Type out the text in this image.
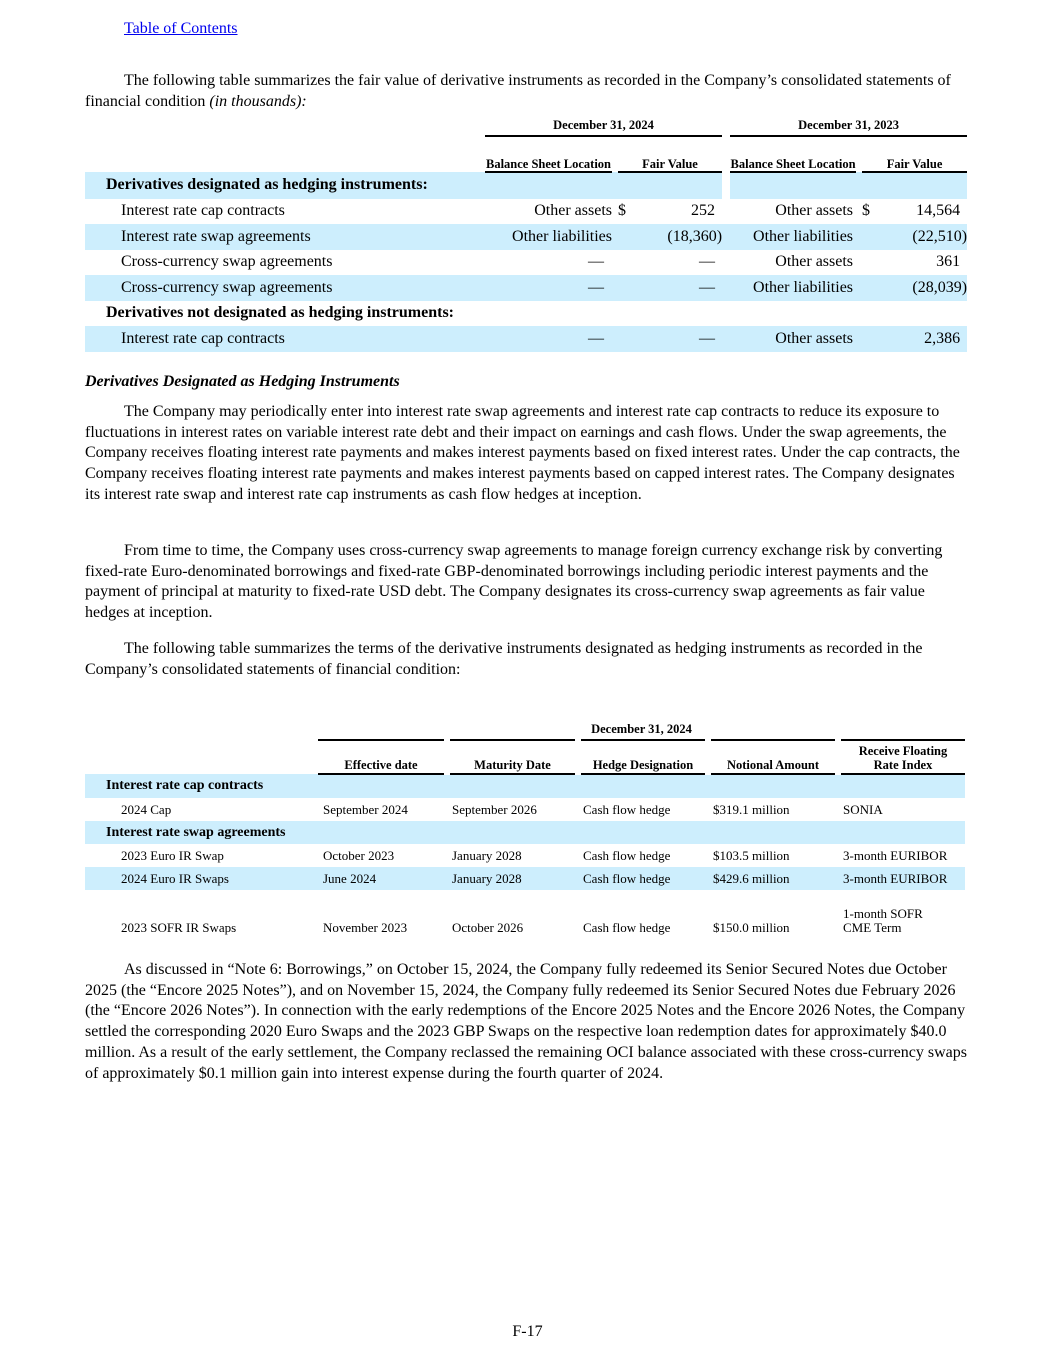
Table of Contents

The following table summarizes the fair value of derivative instruments as recorded in the Company’s consolidated statements of financial condition (in thousands):

	December 31, 2024					December 31, 2023			
	Balance Sheet Location		Fair Value			Balance Sheet Location		Fair Value	
Derivatives designated as hedging instruments:									
Interest rate cap contracts	Other assets		$	252		Other assets		$	14,564
Interest rate swap agreements	Other liabilities			(18,360)		Other liabilities			(22,510)
Cross-currency swap agreements	—			—		Other assets			361
Cross-currency swap agreements	—			—		Other liabilities			(28,039)
Derivatives not designated as hedging instruments:									
Interest rate cap contracts	—			—		Other assets			2,386
Derivatives Designated as Hedging Instruments

The Company may periodically enter into interest rate swap agreements and interest rate cap contracts to reduce its exposure to fluctuations in interest rates on variable interest rate debt and their impact on earnings and cash flows. Under the swap agreements, the Company receives floating interest rate payments and makes interest payments based on fixed interest rates. Under the cap contracts, the Company receives floating interest rate payments and makes interest payments based on capped interest rates. The Company designates its interest rate swap and interest rate cap instruments as cash flow hedges at inception.

From time to time, the Company uses cross-currency swap agreements to manage foreign currency exchange risk by converting fixed-rate Euro-denominated borrowings and fixed-rate GBP-denominated borrowings including periodic interest payments and the payment of principal at maturity to fixed-rate USD debt. The Company designates its cross-currency swap agreements as fair value hedges at inception.

The following table summarizes the terms of the derivative instruments designated as hedging instruments as recorded in the Company’s consolidated statements of financial condition:

	December 31, 2024				
	Effective date	Maturity Date	Hedge Designation	Notional Amount	Receive Floating Rate Index
Interest rate cap contracts					
2024 Cap	September 2024	September 2026	Cash flow hedge	$319.1 million	SONIA
Interest rate swap agreements					
2023 Euro IR Swap	October 2023	January 2028	Cash flow hedge	$103.5 million	3-month EURIBOR
2024 Euro IR Swaps	June 2024	January 2028	Cash flow hedge	$429.6 million	3-month EURIBOR
2023 SOFR IR Swaps	November 2023	October 2026	Cash flow hedge	$150.0 million	1-month SOFR CME Term

As discussed in “Note 6: Borrowings,” on October 15, 2024, the Company fully redeemed its Senior Secured Notes due October 2025 (the “Encore 2025 Notes”), and on November 15, 2024, the Company fully redeemed its Senior Secured Notes due February 2026 (the “Encore 2026 Notes”). In connection with the early redemptions of the Encore 2025 Notes and the Encore 2026 Notes, the Company settled the corresponding 2020 Euro Swaps and the 2023 GBP Swaps on the respective loan redemption dates for approximately $40.0 million. As a result of the early settlement, the Company reclassed the remaining OCI balance associated with these cross-currency swaps of approximately $0.1 million gain into interest expense during the fourth quarter of 2024.

F-17
